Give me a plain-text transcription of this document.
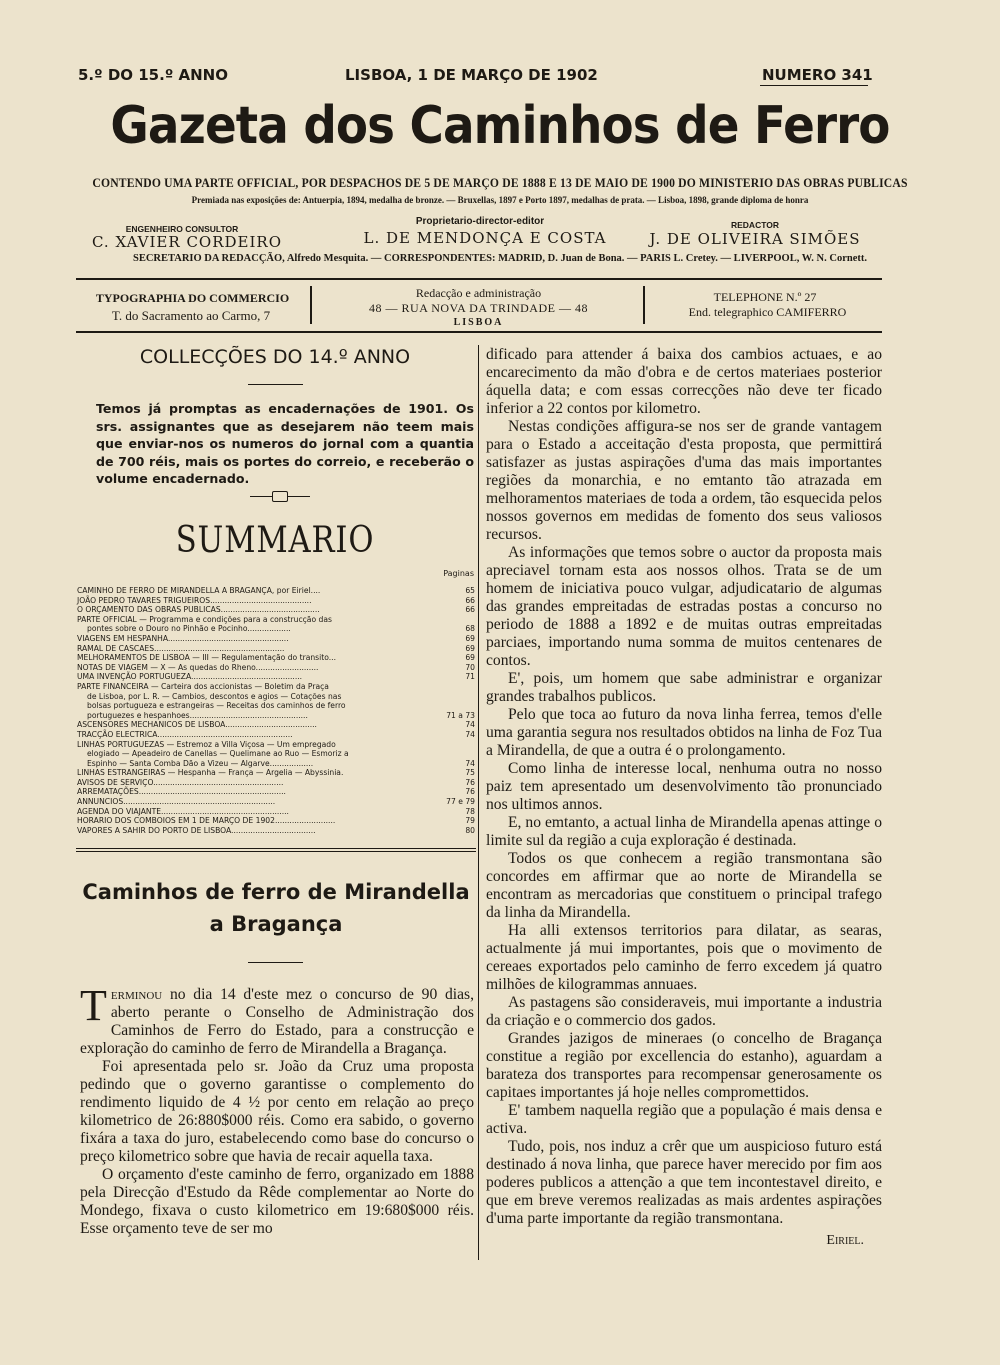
5.º DO 15.º ANNO	LISBOA, 1 DE MARÇO DE 1902	NUMERO 341
Gazeta dos Caminhos de Ferro
CONTENDO UMA PARTE OFFICIAL, POR DESPACHOS DE 5 DE MARÇO DE 1888 E 13 DE MAIO DE 1900 DO MINISTERIO DAS OBRAS PUBLICAS
Premiada nas exposições de: Antuerpia, 1894, medalha de bronze. — Bruxellas, 1897 e Porto 1897, medalhas de prata. — Lisboa, 1898, grande diploma de honra
ENGENHEIRO CONSULTOR
C. XAVIER CORDEIRO
Proprietario-director-editor
L. DE MENDONÇA E COSTA
REDACTOR
J. DE OLIVEIRA SIMÕES
SECRETARIO DA REDACÇÃO, Alfredo Mesquita. — CORRESPONDENTES: MADRID, D. Juan de Bona. — PARIS L. Cretey. — LIVERPOOL, W. N. Cornett.
TYPOGRAPHIA DO COMMERCIO
T. do Sacramento ao Carmo, 7
Redacção e administração
48 — RUA NOVA DA TRINDADE — 48
LISBOA
TELEPHONE N.º 27
End. telegraphico CAMIFERRO
COLLECÇÕES DO 14.º ANNO
Temos já promptas as encadernações de 1901. Os srs. assignantes que as desejarem não teem mais que enviar-nos os numeros do jornal com a quantia de 700 réis, mais os portes do correio, e receberão o volume encadernado.
SUMMARIO
Paginas
CAMINHO DE FERRO DE MIRANDELLA A BRAGANÇA, por Eiriel....	65
JOÃO PEDRO TAVARES TRIGUEIROS..........................................	66
O ORÇAMENTO DAS OBRAS PUBLICAS.........................................	66
PARTE OFFICIAL — Programma e condições para a construcção das
pontes sobre o Douro no Pinhão e Pocinho..................	68
VIAGENS EM HESPANHA..................................................	69
RAMAL DE CASCAES......................................................	69
MELHORAMENTOS DE LISBOA — III — Regulamentação do transito...	69
NOTAS DE VIAGEM — X — As quedas do Rheno..........................	70
UMA INVENÇÃO PORTUGUEZA..............................................	71
PARTE FINANCEIRA — Carteira dos accionistas — Boletim da Praça
de Lisboa, por L. R. — Cambios, descontos e agios — Cotações nas
bolsas portugueza e estrangeiras — Receitas dos caminhos de ferro
portuguezes e hespanhoes.................................................	71 a 73
ASCENSORES MECHANICOS DE LISBOA......................................	74
TRACÇÃO ELECTRICA........................................................	74
LINHAS PORTUGUEZAS — Estremoz a Villa Viçosa — Um empregado
elogiado — Apeadeiro de Canellas — Quelimane ao Ruo — Esmoriz a
Espinho — Santa Comba Dão a Vizeu — Algarve..................	74
LINHAS ESTRANGEIRAS — Hespanha — França — Argelia — Abyssinia.	75
AVISOS DE SERVIÇO......................................................	76
ARREMATAÇÕES.............................................................	76
ANNUNCIOS...............................................................	77 e 79
AGENDA DO VIAJANTE.....................................................	78
HORARIO DOS COMBOIOS EM 1 DE MARÇO DE 1902.........................	79
VAPORES A SAHIR DO PORTO DE LISBOA...................................	80
Caminhos de ferro de Mirandella
a Bragança

Terminou no dia 14 d'este mez o concurso de 90 dias, aberto perante o Conselho de Administração dos Caminhos de Ferro do Estado, para a construcção e exploração do caminho de ferro de Mirandella a Bragança.

Foi apresentada pelo sr. João da Cruz uma proposta pedindo que o governo garantisse o complemento do rendimento liquido de 4 ½ por cento em relação ao preço kilometrico de 26:880$000 réis. Como era sabido, o governo fixára a taxa do juro, estabelecendo como base do concurso o preço kilometrico sobre que havia de recair aquella taxa.

O orçamento d'este caminho de ferro, organizado em 1888 pela Direcção d'Estudo da Rêde complementar ao Norte do Mondego, fixava o custo kilometrico em 19:680$000 réis. Esse orçamento teve de ser mo

dificado para attender á baixa dos cambios actuaes, e ao encarecimento da mão d'obra e de certos materiaes posterior áquella data; e com essas correcções não deve ter ficado inferior a 22 contos por kilometro.

Nestas condições affigura-se nos ser de grande vantagem para o Estado a acceitação d'esta proposta, que permittirá satisfazer as justas aspirações d'uma das mais importantes regiões da monarchia, e no emtanto tão atrazada em melhoramentos materiaes de toda a ordem, tão esquecida pelos nossos governos em medidas de fomento dos seus valiosos recursos.

As informações que temos sobre o auctor da proposta mais apreciavel tornam esta aos nossos olhos. Trata se de um homem de iniciativa pouco vulgar, adjudicatario de algumas das grandes empreitadas de estradas postas a concurso no periodo de 1888 a 1892 e de muitas outras empreitadas parciaes, importando numa somma de muitos centenares de contos.

E', pois, um homem que sabe administrar e organizar grandes trabalhos publicos.

Pelo que toca ao futuro da nova linha ferrea, temos d'elle uma garantia segura nos resultados obtidos na linha de Foz Tua a Mirandella, de que a outra é o prolongamento.

Como linha de interesse local, nenhuma outra no nosso paiz tem apresentado um desenvolvimento tão pronunciado nos ultimos annos.

E, no emtanto, a actual linha de Mirandella apenas attinge o limite sul da região a cuja exploração é destinada.

Todos os que conhecem a região transmontana são concordes em affirmar que ao norte de Mirandella se encontram as mercadorias que constituem o principal trafego da linha da Mirandella.

Ha alli extensos territorios para dilatar, as searas, actualmente já mui importantes, pois que o movimento de cereaes exportados pelo caminho de ferro excedem já quatro milhões de kilogrammas annuaes.

As pastagens são consideraveis, mui importante a industria da criação e o commercio dos gados.

Grandes jazigos de mineraes (o concelho de Bragança constitue a região por excellencia do estanho), aguardam a barateza dos transportes para recompensar generosamente os capitaes importantes já hoje nelles compromettidos.

E' tambem naquella região que a população é mais densa e activa.

Tudo, pois, nos induz a crêr que um auspicioso futuro está destinado á nova linha, que parece haver merecido por fim aos poderes publicos a attenção a que tem incontestavel direito, e que em breve veremos realizadas as mais ardentes aspirações d'uma parte importante da região transmontana.

Eiriel.
